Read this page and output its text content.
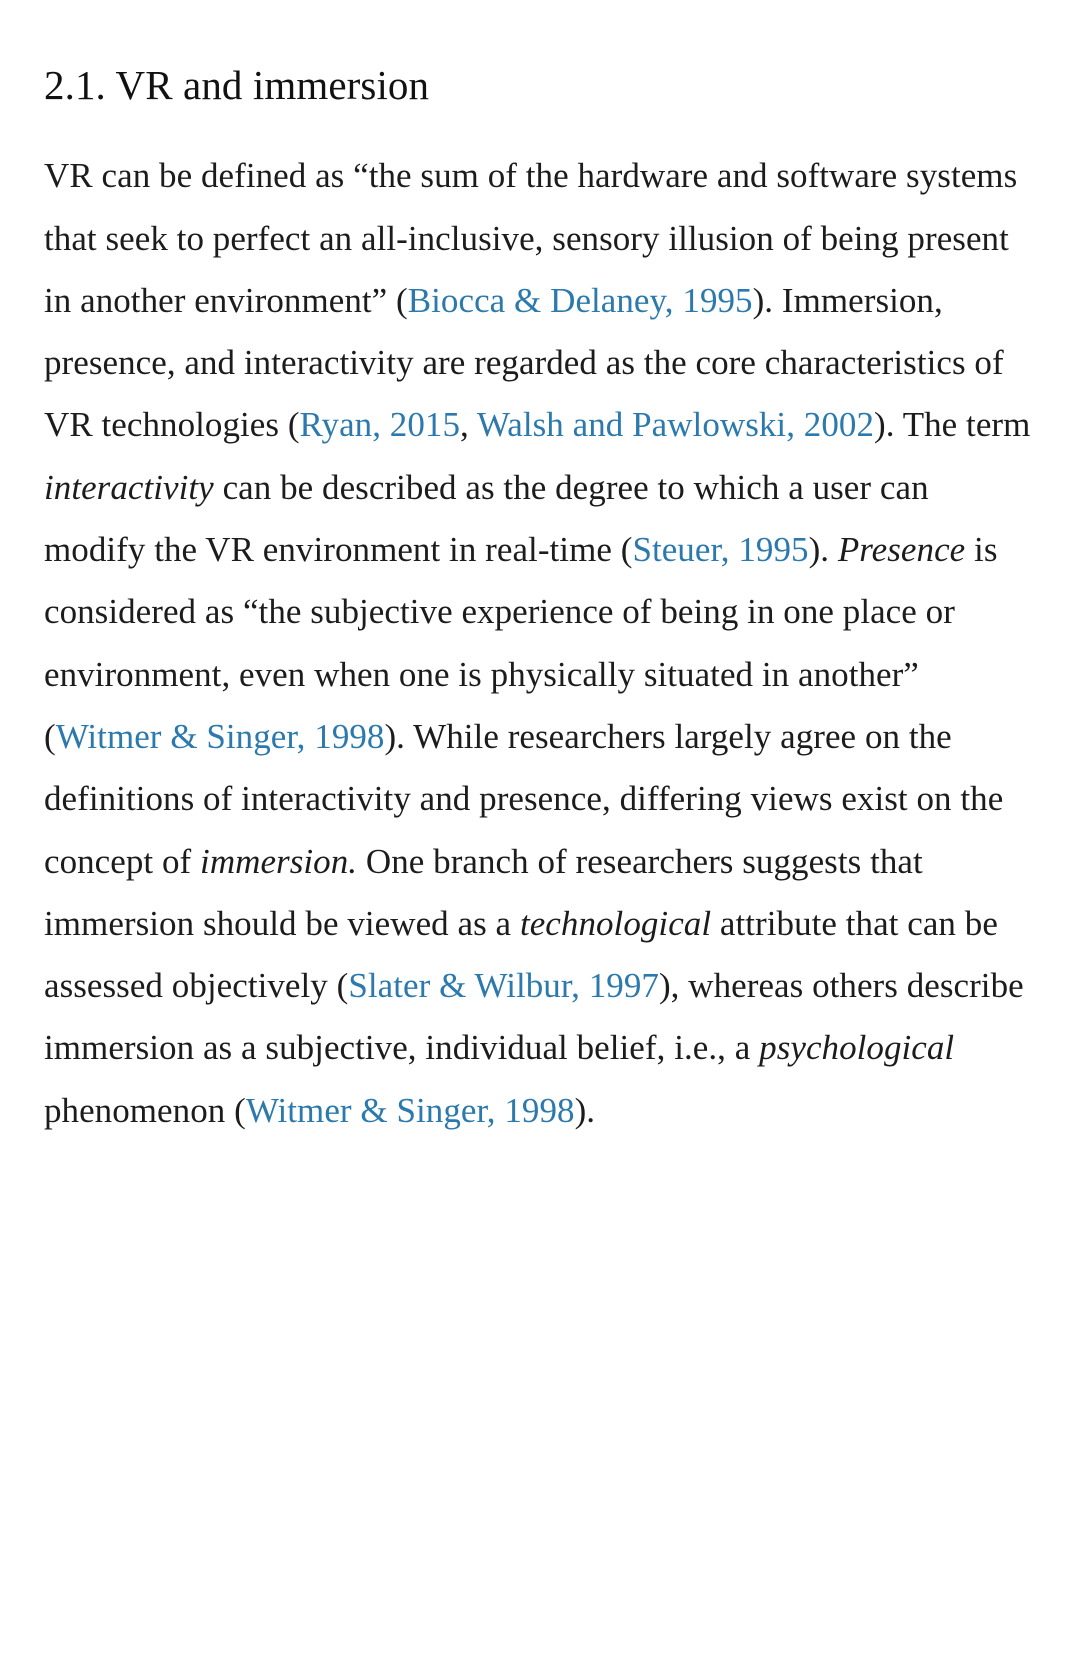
2.1. VR and immersion

VR can be defined as “the sum of the hardware and software systems that seek to perfect an all-inclusive, sensory illusion of being present in another environment” (Biocca & Delaney, 1995). Immersion, presence, and interactivity are regarded as the core characteristics of VR technologies (Ryan, 2015, Walsh and Pawlowski, 2002). The term interactivity can be described as the degree to which a user can modify the VR environment in real-time (Steuer, 1995). Presence is considered as “the subjective experience of being in one place or environment, even when one is physically situated in another” (Witmer & Singer, 1998). While researchers largely agree on the definitions of interactivity and presence, differing views exist on the concept of immersion. One branch of researchers suggests that immersion should be viewed as a technological attribute that can be assessed objectively (Slater & Wilbur, 1997), whereas others describe immersion as a subjective, individual belief, i.e., a psychological phenomenon (Witmer & Singer, 1998).
